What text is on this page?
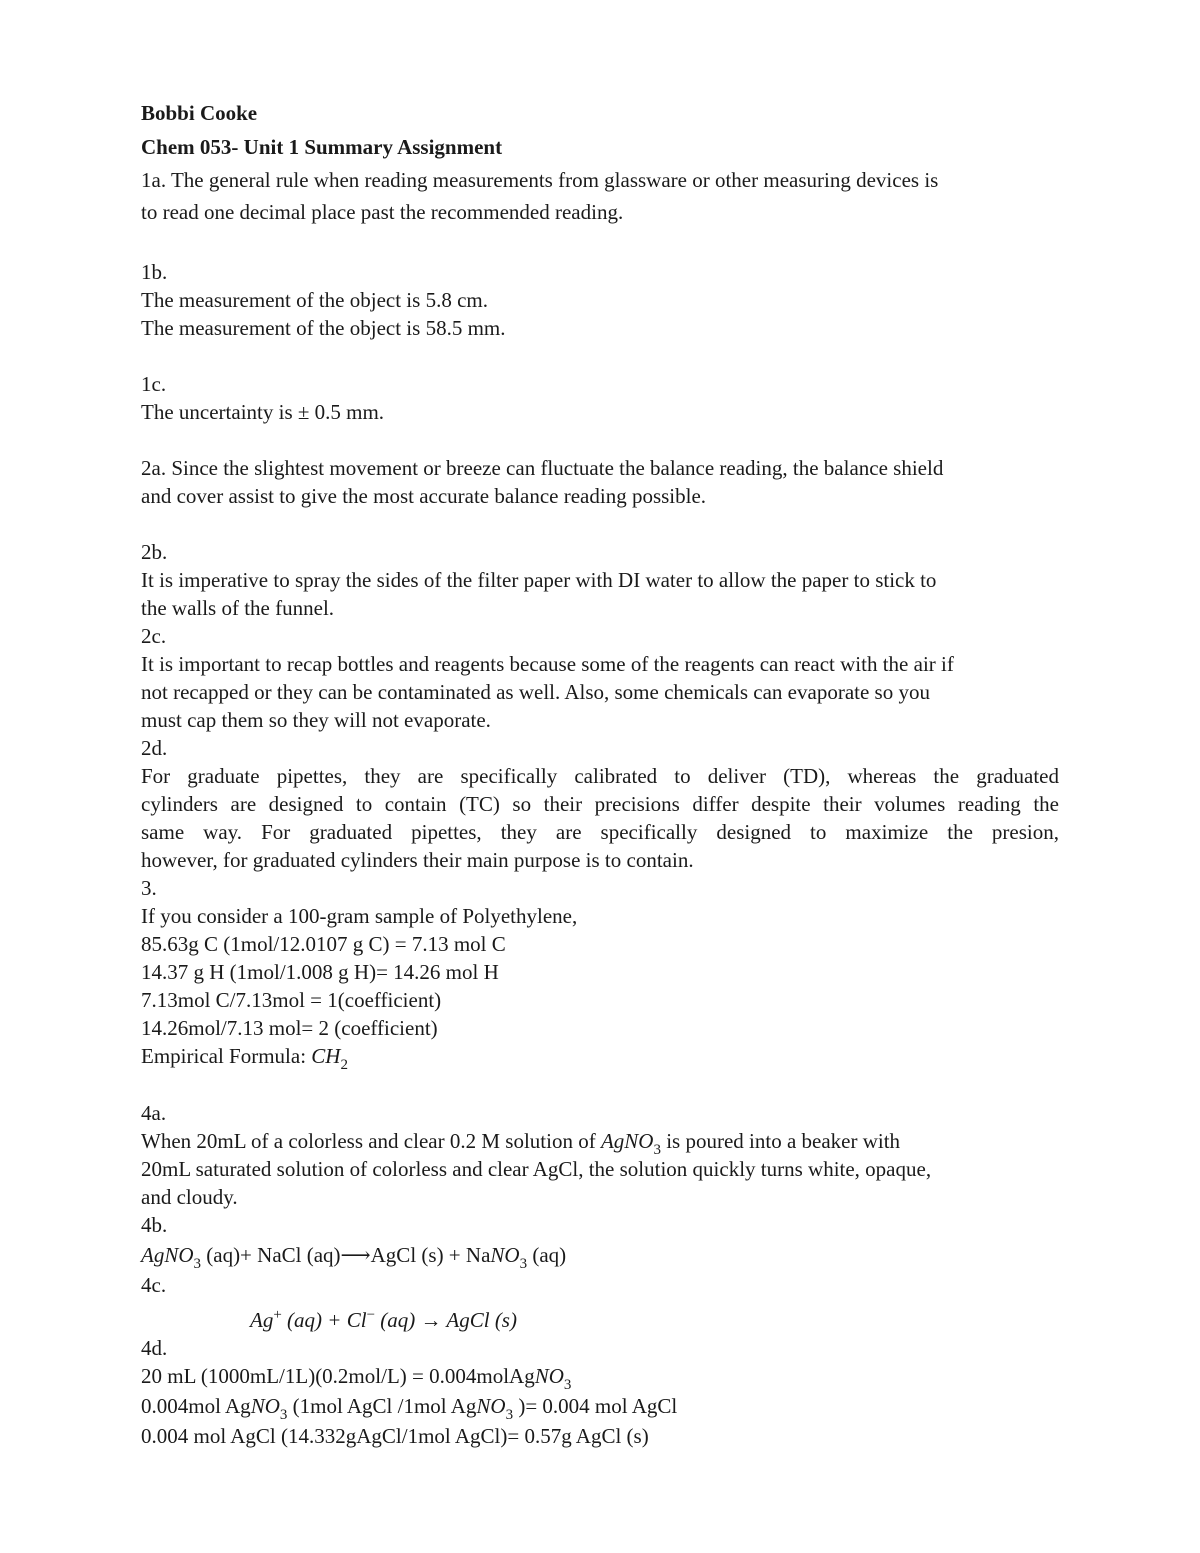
Bobbi Cooke
Chem 053- Unit 1 Summary Assignment
1a. The general rule when reading measurements from glassware or other measuring devices is
to read one decimal place past the recommended reading.
1b.
The measurement of the object is 5.8 cm.
The measurement of the object is 58.5 mm.
1c.
The uncertainty is ± 0.5 mm.
2a. Since the slightest movement or breeze can fluctuate the balance reading, the balance shield
and cover assist to give the most accurate balance reading possible.
2b.
It is imperative to spray the sides of the filter paper with DI water to allow the paper to stick to
the walls of the funnel.
2c.
It is important to recap bottles and reagents because some of the reagents can react with the air if
not recapped or they can be contaminated as well. Also, some chemicals can evaporate so you
must cap them so they will not evaporate.
2d.
For graduate pipettes, they are specifically calibrated to deliver (TD), whereas the graduated
cylinders are designed to contain (TC) so their precisions differ despite their volumes reading the
same way. For graduated pipettes, they are specifically designed to maximize the presion,
however, for graduated cylinders their main purpose is to contain.
3.
If you consider a 100-gram sample of Polyethylene,
85.63g C (1mol/12.0107 g C) = 7.13 mol C
14.37 g H (1mol/1.008 g H)= 14.26 mol H
7.13mol C/7.13mol = 1(coefficient)
14.26mol/7.13 mol= 2 (coefficient)
Empirical Formula: $CH_2$
4a.
When 20mL of a colorless and clear 0.2 M solution of AgNO$_3$ is poured into a beaker with
20mL saturated solution of colorless and clear AgCl, the solution quickly turns white, opaque,
and cloudy.
4b.
AgNO$_3$ (aq)+ NaCl (aq)⟶AgCl (s) + NaNO$_3$ (aq)
4c.
Ag+ (aq) + Cl− (aq) → AgCl (s)
4d.
20 mL (1000mL/1L)(0.2mol/L) = 0.004molAgNO$_3$
0.004mol AgNO$_3$ (1mol AgCl /1mol AgNO$_3$ )= 0.004 mol AgCl
0.004 mol AgCl (14.332gAgCl/1mol AgCl)= 0.57g AgCl (s)
